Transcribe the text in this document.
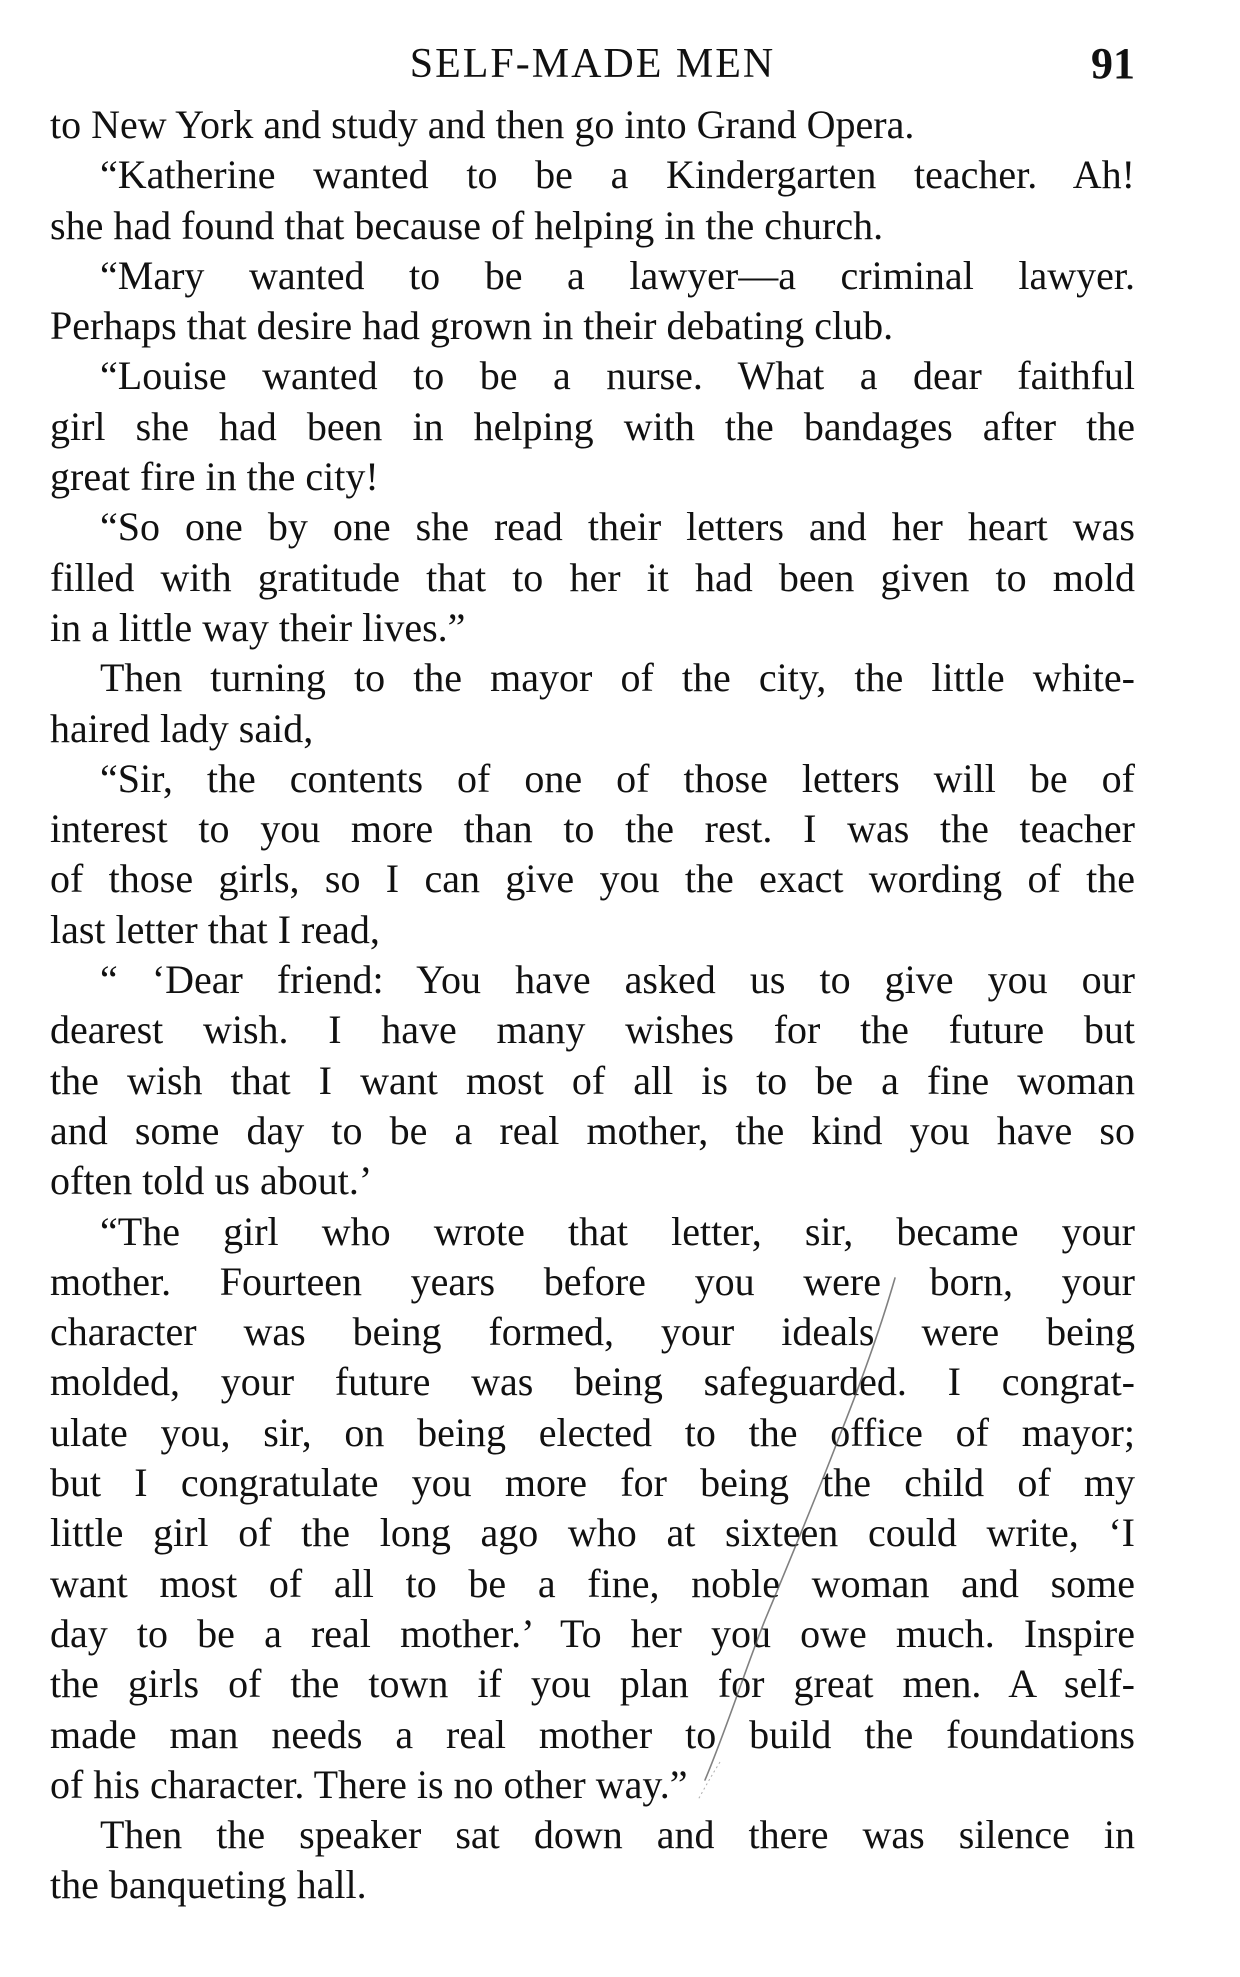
SELF-MADE MEN	91
to New York and study and then go into Grand Opera.
“Katherine wanted to be a Kindergarten teacher. Ah!
she had found that because of helping in the church.
“Mary wanted to be a lawyer—a criminal lawyer.
Perhaps that desire had grown in their debating club.
“Louise wanted to be a nurse. What a dear faithful
girl she had been in helping with the bandages after the
great fire in the city!
“So one by one she read their letters and her heart was
filled with gratitude that to her it had been given to mold
in a little way their lives.”
Then turning to the mayor of the city, the little white-
haired lady said,
“Sir, the contents of one of those letters will be of
interest to you more than to the rest. I was the teacher
of those girls, so I can give you the exact wording of the
last letter that I read,
“ ‘Dear friend: You have asked us to give you our
dearest wish. I have many wishes for the future but
the wish that I want most of all is to be a fine woman
and some day to be a real mother, the kind you have so
often told us about.’
“The girl who wrote that letter, sir, became your
mother. Fourteen years before you were born, your
character was being formed, your ideals were being
molded, your future was being safeguarded. I congrat-
ulate you, sir, on being elected to the office of mayor;
but I congratulate you more for being the child of my
little girl of the long ago who at sixteen could write, ‘I
want most of all to be a fine, noble woman and some
day to be a real mother.’ To her you owe much. Inspire
the girls of the town if you plan for great men. A self-
made man needs a real mother to build the foundations
of his character. There is no other way.”
Then the speaker sat down and there was silence in
the banqueting hall.
